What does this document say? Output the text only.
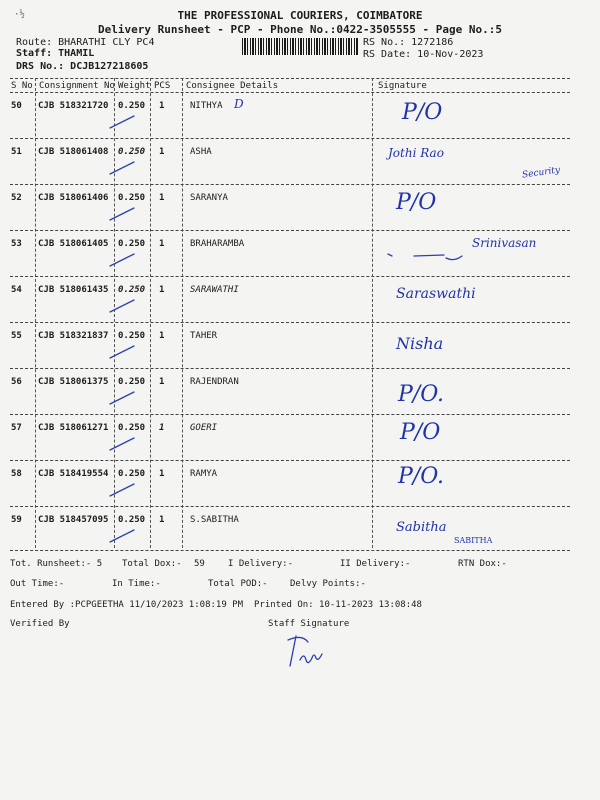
·½	THE PROFESSIONAL COURIERS, COIMBATORE
Delivery Runsheet - PCP - Phone No.:0422-3505555 - Page No.:5
Route: BHARATHI CLY PC4
Staff: THAMIL
DRS No.: DCJB127218605
RS No.: 1272186
RS Date: 10-Nov-2023
S No Consignment No Weight PCS Consignee Details	Signature
50 CJB 518321720 0.250 1	NITHYA D	P/O
51 CJB 518061408 0.250 1	ASHA	Jothi Rao
Security
52 CJB 518061406 0.250 1	SARANYA	P/O
53 CJB 518061405 0.250 1	BRAHARAMBA	Srinivasan
54 CJB 518061435 0.250 1	SARAWATHI	Saraswathi
55 CJB 518321837 0.250 1	TAHER	Nisha
56 CJB 518061375 0.250 1	RAJENDRAN	P/O.
57 CJB 518061271 0.250 1	GOERI	P/O
58 CJB 518419554 0.250 1	RAMYA	P/O.
59 CJB 518457095 0.250 1	S.SABITHA	Sabitha
SABITHA
Tot. Runsheet:- 5 Total Dox:- 59	I Delivery:-	II Delivery:-	RTN Dox:-
Out Time:-	In Time:-	Total POD:- Delvy Points:-
Entered By :PCPGEETHA 11/10/2023 1:08:19 PM Printed On: 10-11-2023 13:08:48
Verified By	Staff Signature
